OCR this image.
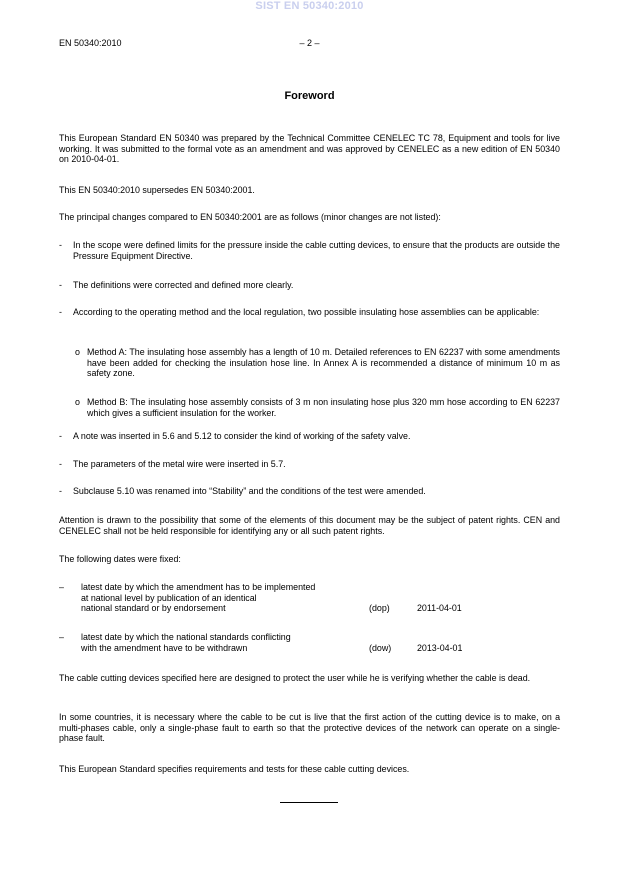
SIST EN 50340:2010
EN 50340:2010	– 2 –
Foreword

This European Standard EN 50340 was prepared by the Technical Committee CENELEC TC 78, Equipment and tools for live working. It was submitted to the formal vote as an amendment and was approved by CENELEC as a new edition of EN 50340 on 2010-04-01.

This EN 50340:2010 supersedes EN 50340:2001.

The principal changes compared to EN 50340:2001 are as follows (minor changes are not listed):

- In the scope were defined limits for the pressure inside the cable cutting devices, to ensure that the products are outside the Pressure Equipment Directive.
- The definitions were corrected and defined more clearly.
- According to the operating method and the local regulation, two possible insulating hose assemblies can be applicable:
o Method A: The insulating hose assembly has a length of 10 m. Detailed references to EN 62237 with some amendments have been added for checking the insulation hose line. In Annex A is recommended a distance of minimum 10 m as safety zone.
o Method B: The insulating hose assembly consists of 3 m non insulating hose plus 320 mm hose according to EN 62237 which gives a sufficient insulation for the worker.
- A note was inserted in 5.6 and 5.12 to consider the kind of working of the safety valve.
- The parameters of the metal wire were inserted in 5.7.
- Subclause 5.10 was renamed into “Stability” and the conditions of the test were amended.

Attention is drawn to the possibility that some of the elements of this document may be the subject of patent rights. CEN and CENELEC shall not be held responsible for identifying any or all such patent rights.

The following dates were fixed:

– latest date by which the amendment has to be implemented
at national level by publication of an identical
national standard or by endorsement	(dop)	2011-04-01
– latest date by which the national standards conflicting
with the amendment have to be withdrawn	(dow)	2013-04-01

The cable cutting devices specified here are designed to protect the user while he is verifying whether the cable is dead.

In some countries, it is necessary where the cable to be cut is live that the first action of the cutting device is to make, on a multi-phases cable, only a single-phase fault to earth so that the protective devices of the network can operate on a single-phase fault.

This European Standard specifies requirements and tests for these cable cutting devices.
